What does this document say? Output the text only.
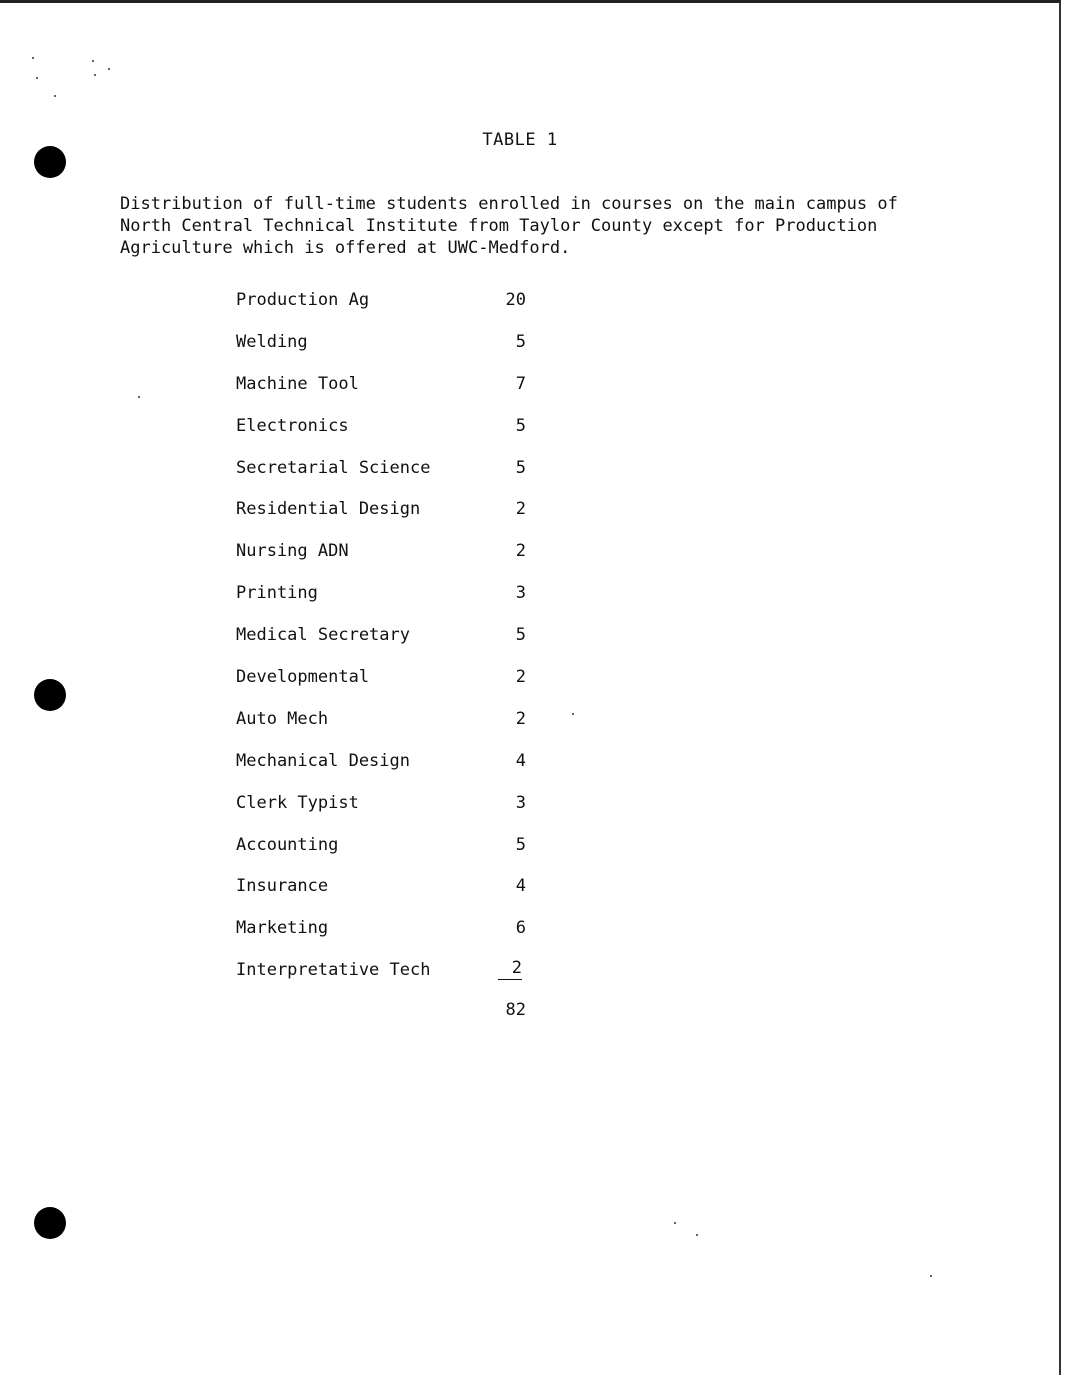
TABLE 1
Distribution of full-time students enrolled in courses on the main campus of
North Central Technical Institute from Taylor County except for Production
Agriculture which is offered at UWC-Medford.
Production Ag	20
Welding	5
Machine Tool	7
Electronics	5
Secretarial Science	5
Residential Design	2
Nursing ADN	2
Printing	3
Medical Secretary	5
Developmental	2
Auto Mech	2
Mechanical Design	4
Clerk Typist	3
Accounting	5
Insurance	4
Marketing	6
Interpretative Tech	2
82
